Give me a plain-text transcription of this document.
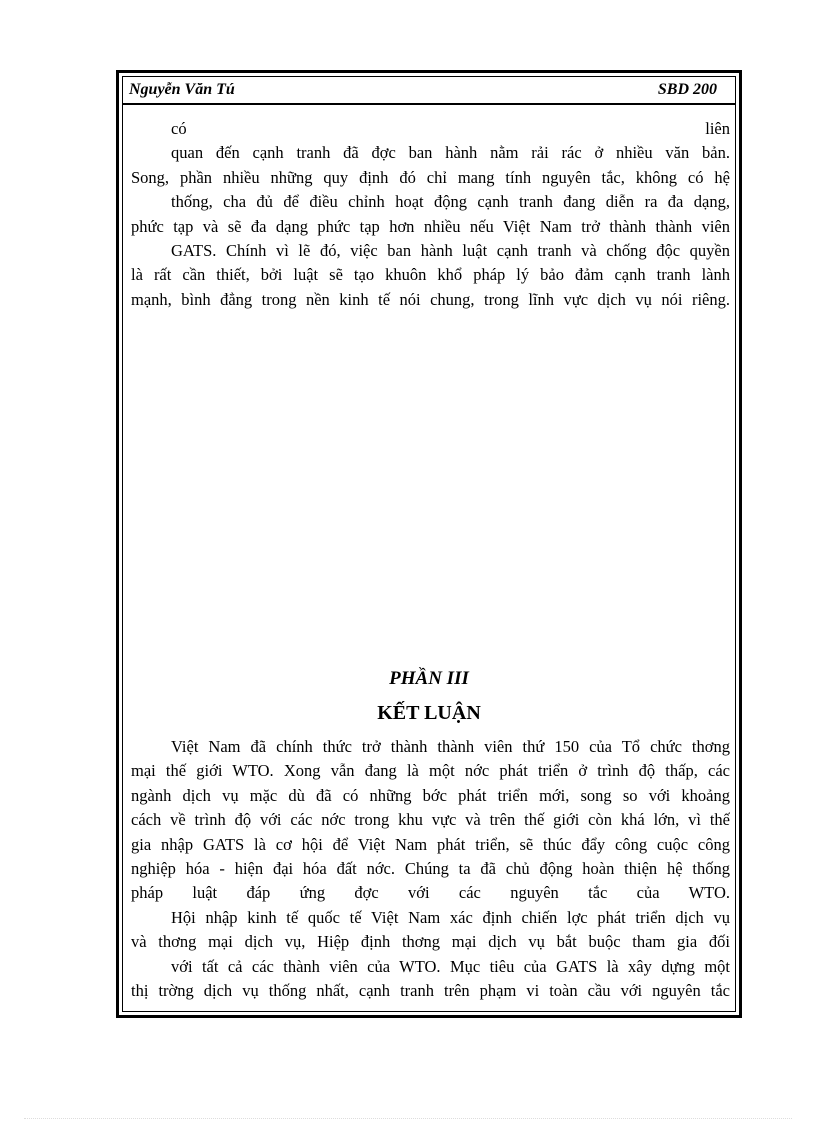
Nguyễn Văn Tú	SBD 200
có liên
quan đến cạnh tranh đã đợc ban hành nằm rải rác ở nhiều văn bản.
Song, phần nhiều những quy định đó chỉ mang tính nguyên tắc, không có hệ
thống, cha đủ để điều chỉnh hoạt động cạnh tranh đang diễn ra đa dạng,
phức tạp và sẽ đa dạng phức tạp hơn nhiều nếu Việt Nam trở thành thành viên
GATS. Chính vì lẽ đó, việc ban hành luật cạnh tranh và chống độc quyền
là rất cần thiết, bởi luật sẽ tạo khuôn khổ pháp lý bảo đảm cạnh tranh lành
mạnh, bình đẳng trong nền kinh tế nói chung, trong lĩnh vực dịch vụ nói riêng.
PHẦN III
KẾT LUẬN
Việt Nam đã chính thức trở thành thành viên thứ 150 của Tổ chức thơng
mại thế giới WTO. Xong vẫn đang là một nớc phát triển ở trình độ thấp, các
ngành dịch vụ mặc dù đã có những bớc phát triển mới, song so với khoảng
cách về trình độ với các nớc trong khu vực và trên thế giới còn khá lớn, vì thế
gia nhập GATS là cơ hội để Việt Nam phát triển, sẽ thúc đẩy công cuộc công
nghiệp hóa - hiện đại hóa đất nớc. Chúng ta đã chủ động hoàn thiện hệ thống
pháp luật đáp ứng đợc với các nguyên tắc của WTO.
Hội nhập kinh tế quốc tế Việt Nam xác định chiến lợc phát triển dịch vụ
và thơng mại dịch vụ, Hiệp định thơng mại dịch vụ bắt buộc tham gia đối
với tất cả các thành viên của WTO. Mục tiêu của GATS là xây dựng một
thị trờng dịch vụ thống nhất, cạnh tranh trên phạm vi toàn cầu với nguyên tắc
